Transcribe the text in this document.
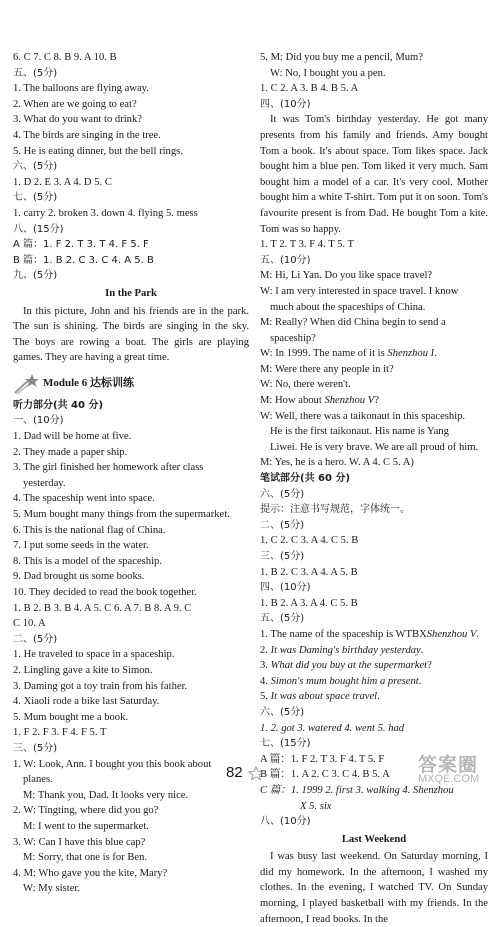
6. C 7. C 8. B 9. A 10. B
五、(5分)
1. The balloons are flying away.
2. When are we going to eat?
3. What do you want to drink?
4. The birds are singing in the tree.
5. He is eating dinner, but the bell rings.
六、(5分)
1. D 2. E 3. A 4. D 5. C
七、(5分)
1. carry 2. broken 3. down 4. flying 5. mess
八、(15分)
A 篇：1. F 2. T 3. T 4. F 5. F
B 篇：1. B 2. C 3. C 4. A 5. B
九、(5分)
In the Park
In this picture, John and his friends are in the park. The sun is shining. The birds are singing in the sky. The boys are rowing a boat. The girls are playing games. They are having a great time.
Module 6 达标训练
听力部分(共 40 分)
一、(10分)
1. Dad will be home at five.
2. They made a paper ship.
3. The girl finished her homework after class
yesterday.
4. The spaceship went into space.
5. Mum bought many things from the supermarket.
6. This is the national flag of China.
7. I put some seeds in the water.
8. This is a model of the spaceship.
9. Dad brought us some books.
10. They decided to read the book together.
1. B 2. B 3. B 4. A 5. C 6. A 7. B 8. A 9. C
C 10. A
二、(5分)
1. He traveled to space in a spaceship.
2. Lingling gave a kite to Simon.
3. Daming got a toy train from his father.
4. Xiaoli rode a bike last Saturday.
5. Mum bought me a book.
1. F 2. F 3. F 4. F 5. T
三、(5分)
1. W: Look, Ann. I bought you this book about
planes.
M: Thank you, Dad. It looks very nice.
2. W: Tingting, where did you go?
M: I went to the supermarket.
3. W: Can I have this blue cap?
M: Sorry, that one is for Ben.
4. M: Who gave you the kite, Mary?
W: My sister.
5. M: Did you buy me a pencil, Mum?
W: No, I bought you a pen.
1. C 2. A 3. B 4. B 5. A
四、(10分)
It was Tom's birthday yesterday. He got many presents from his family and friends. Amy bought Tom a book. It's about space. Tom likes space. Jack bought him a blue pen. Tom liked it very much. Sam bought him a model of a car. It's very cool. Mother bought him a white T-shirt. Tom put it on soon. Tom's favourite present is from Dad. He bought Tom a kite. Tom was so happy.
1. T 2. T 3. F 4. T 5. T
五、(10分)
M: Hi, Li Yan. Do you like space travel?
W: I am very interested in space travel. I know
much about the spaceships of China.
M: Really? When did China begin to send a
spaceship?
W: In 1999. The name of it is Shenzhou I.
M: Were there any people in it?
W: No, there weren't.
M: How about Shenzhou V?
W: Well, there was a taikonaut in this spaceship.
He is the first taikonaut. His name is Yang
Liwei. He is very brave. We are all proud of him.
M: Yes, he is a hero. W. A 4. C 5. A)
笔试部分(共 60 分)
六、(5分)
提示：注意书写规范，字体统一。
二、(5分)
1. C 2. C 3. A 4. C 5. B
三、(5分)
1. B 2. C 3. A 4. A 5. B
四、(10分)
1. B 2. A 3. A 4. C 5. B
五、(5分)
1. The name of the spaceship is WTBXShenzhou V.
2. It was Daming's birthday yesterday.
3. What did you buy at the supermarket?
4. Simon's mum bought him a present.
5. It was about space travel.
六、(5分)
1. 2. got 3. watered 4. went 5. had
七、(15分)
A 篇：1. F 2. T 3. F 4. T 5. F
B 篇：1. A 2. C 3. C 4. B 5. A
C 篇：1. 1999 2. first 3. walking 4. Shenzhou
X 5. six
八、(10分)
Last Weekend
I was busy last weekend. On Saturday morning, I did my homework. In the afternoon, I washed my clothes. In the evening, I watched TV. On Sunday morning, I played basketball with my friends. In the afternoon, I read books. In the
82	答案圈
MXQE.COM
